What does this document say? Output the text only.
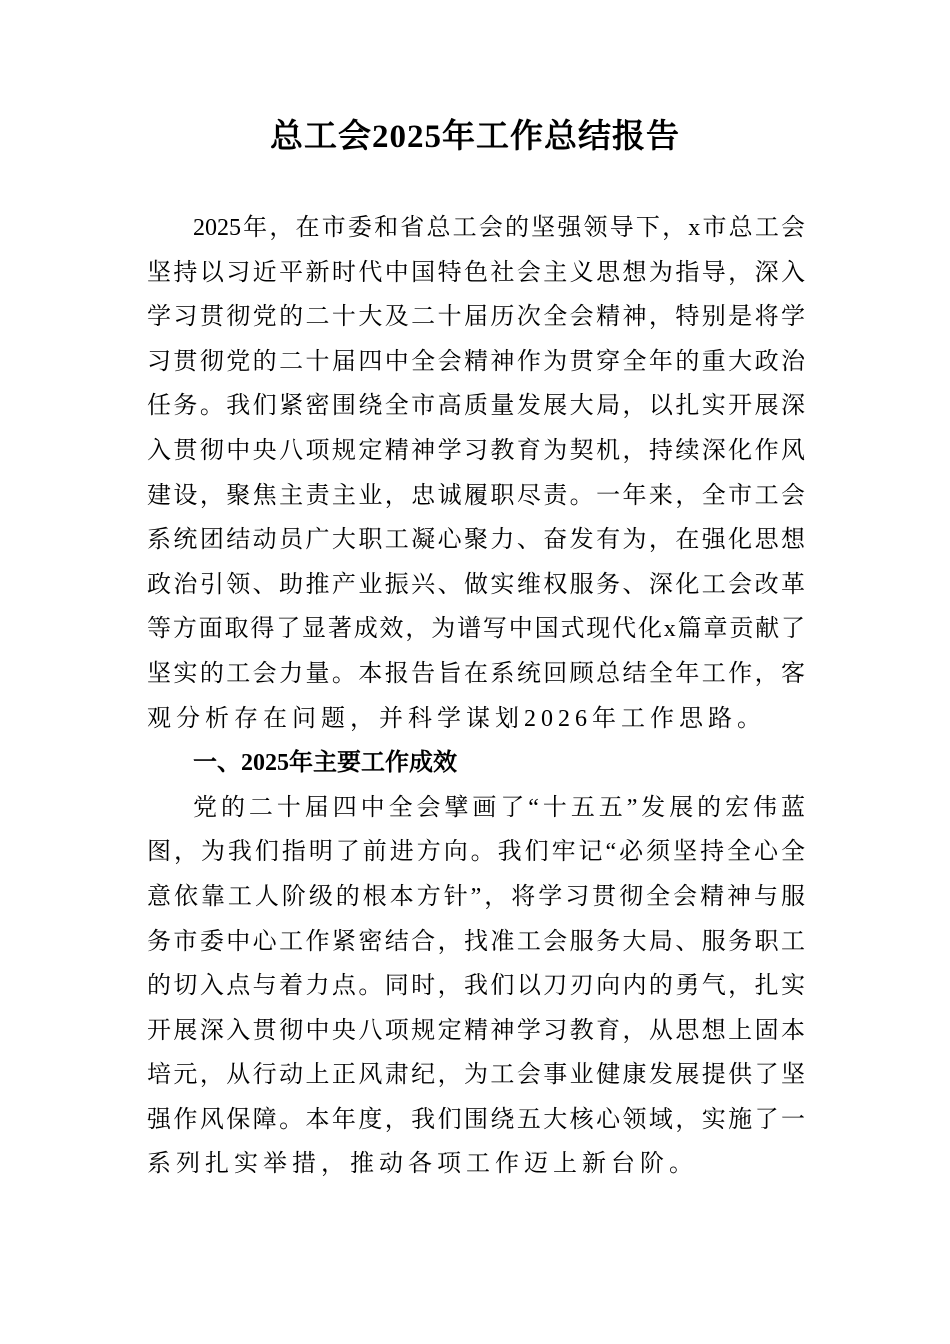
总工会2025年工作总结报告
2025年，在市委和省总工会的坚强领导下，x市总工会
坚持以习近平新时代中国特色社会主义思想为指导，深入
学习贯彻党的二十大及二十届历次全会精神，特别是将学
习贯彻党的二十届四中全会精神作为贯穿全年的重大政治
任务。我们紧密围绕全市高质量发展大局，以扎实开展深
入贯彻中央八项规定精神学习教育为契机，持续深化作风
建设，聚焦主责主业，忠诚履职尽责。一年来，全市工会
系统团结动员广大职工凝心聚力、奋发有为，在强化思想
政治引领、助推产业振兴、做实维权服务、深化工会改革
等方面取得了显著成效，为谱写中国式现代化x篇章贡献了
坚实的工会力量。本报告旨在系统回顾总结全年工作，客
观分析存在问题，并科学谋划2026年工作思路。
一、2025年主要工作成效
党的二十届四中全会擘画了“十五五”发展的宏伟蓝
图，为我们指明了前进方向。我们牢记“必须坚持全心全
意依靠工人阶级的根本方针”，将学习贯彻全会精神与服
务市委中心工作紧密结合，找准工会服务大局、服务职工
的切入点与着力点。同时，我们以刀刃向内的勇气，扎实
开展深入贯彻中央八项规定精神学习教育，从思想上固本
培元，从行动上正风肃纪，为工会事业健康发展提供了坚
强作风保障。本年度，我们围绕五大核心领域，实施了一
系列扎实举措，推动各项工作迈上新台阶。
